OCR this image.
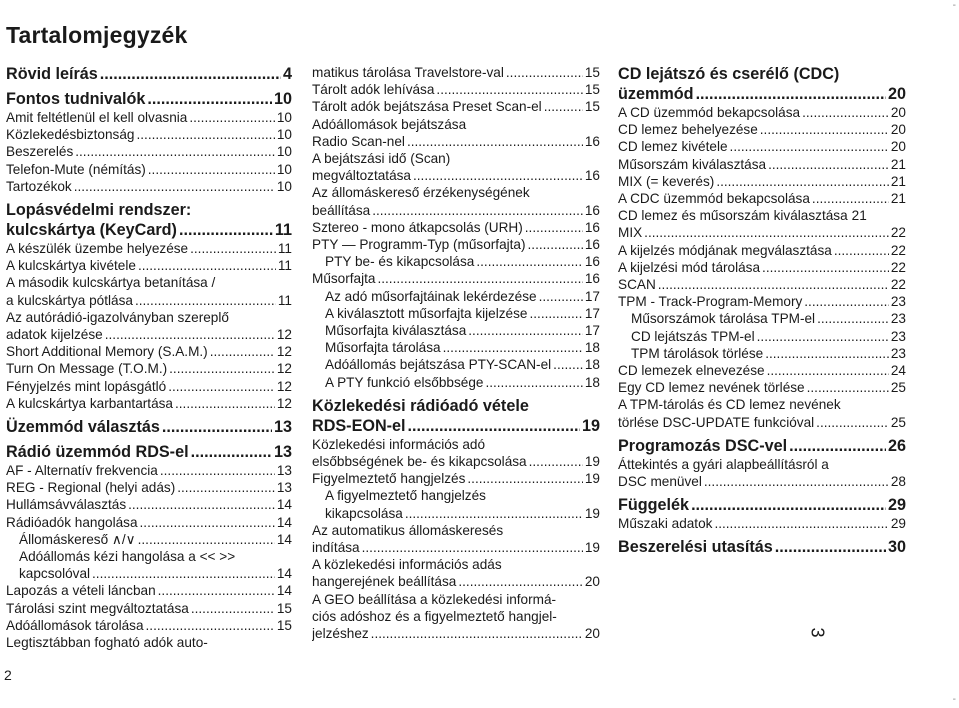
Tartalomjegyzék
Rövid leírás .....	4
Fontos tudnivalók .....	10
Amit feltétlenül el kell olvasnia .....	10
Közlekedésbiztonság .....	10
Beszerelés .....	10
Telefon-Mute (némítás) .....	10
Tartozékok .....	10
Lopásvédelmi rendszer:
kulcskártya (KeyCard) .....	11
A készülék üzembe helyezése .....	11
A kulcskártya kivétele .....	11
A második kulcskártya betanítása /
a kulcskártya pótlása .....	11
Az autórádió-igazolványban szereplő
adatok kijelzése .....	12
Short Additional Memory (S.A.M.) .....	12
Turn On Message (T.O.M.) .....	12
Fényjelzés mint lopásgátló .....	12
A kulcskártya karbantartása .....	12
Üzemmód választás .....	13
Rádió üzemmód RDS-el .....	13
AF - Alternatív frekvencia .....	13
REG - Regional (helyi adás) .....	13
Hullámsávválasztás .....	14
Rádióadók hangolása .....	14
Állomáskereső ∧/∨ .....	14
Adóállomás kézi hangolása a << >>
kapcsolóval .....	14
Lapozás a vételi láncban .....	14
Tárolási szint megváltoztatása .....	15
Adóállomások tárolása .....	15
Legtisztábban fogható adók auto-
matikus tárolása Travelstore-val .....	15
Tárolt adók lehívása .....	15
Tárolt adók bejátszása Preset Scan-el .....	15
Adóállomások bejátszása
Radio Scan-nel .....	16
A bejátszási idő (Scan)
megváltoztatása .....	16
Az állomáskereső érzékenységének
beállítása .....	16
Sztereo - mono átkapcsolás (URH) .....	16
PTY — Programm-Typ (műsorfajta) .....	16
PTY be- és kikapcsolása .....	16
Műsorfajta .....	16
Az adó műsorfajtáinak lekérdezése .....	17
A kiválasztott műsorfajta kijelzése .....	17
Műsorfajta kiválasztása .....	17
Műsorfajta tárolása .....	18
Adóállomás bejátszása PTY-SCAN-el ..... 18
A PTY funkció elsőbbsége .....	18
Közlekedési rádióadó vétele
RDS-EON-el .....	19
Közlekedési információs adó
elsőbbségének be- és kikapcsolása .....	19
Figyelmeztető hangjelzés .....	19
A figyelmeztető hangjelzés
kikapcsolása .....	19
Az automatikus állomáskeresés
indítása .....	19
A közlekedési információs adás
hangerejének beállítása .....	20
A GEO beállítása a közlekedési informá-
ciós adóshoz és a figyelmeztető hangjel-
jelzéshez .....	20
CD lejátszó és cserélő (CDC)
üzemmód .....	20
A CD üzemmód bekapcsolása .....	20
CD lemez behelyezése .....	20
CD lemez kivétele .....	20
Műsorszám kiválasztása .....	21
MIX (= keverés) .....	21
A CDC üzemmód bekapcsolása .....	21
CD lemez és műsorszám kiválasztása 21
MIX .....	22
A kijelzés módjának megválasztása .....	22
A kijelzési mód tárolása .....	22
SCAN .....	22
TPM - Track-Program-Memory .....	23
Műsorszámok tárolása TPM-el .....	23
CD lejátszás TPM-el .....	23
TPM tárolások törlése .....	23
CD lemezek elnevezése .....	24
Egy CD lemez nevének törlése .....	25
A TPM-tárolás és CD lemez nevének
törlése DSC-UPDATE funkcióval .....	25
Programozás DSC-vel .....	26
Áttekintés a gyári alapbeállításról a
DSC menüvel .....	28
Függelék .....	29
Műszaki adatok .....	29
Beszerelési utasítás .....	30
2
3
-
-
